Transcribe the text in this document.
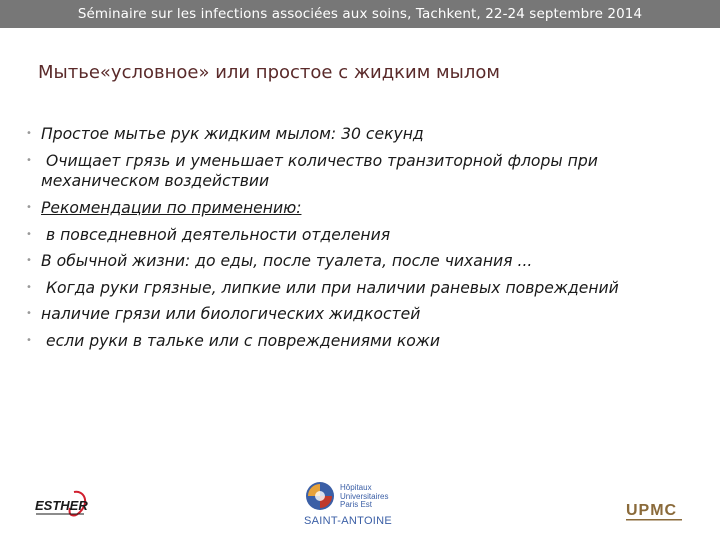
Séminaire sur les infections associées aux soins, Tachkent, 22-24 septembre 2014
Мытье«условное» или простое с жидким мылом
• Простое мытье рук жидким мылом: 30 секунд
• Очищает грязь и уменьшает количество транзиторной флоры при
механическом воздействии
• Рекомендации по применению:
• в повседневной деятельности отделения
• В обычной жизни: до еды, после туалета, после чихания ...
• Когда руки грязные, липкие или при наличии раневых повреждений
• наличие грязи или биологических жидкостей
• если руки в тальке или с повреждениями кожи
ESTHER
Hôpitaux
Universitaires
Paris Est
SAINT-ANTOINE
UPMC
